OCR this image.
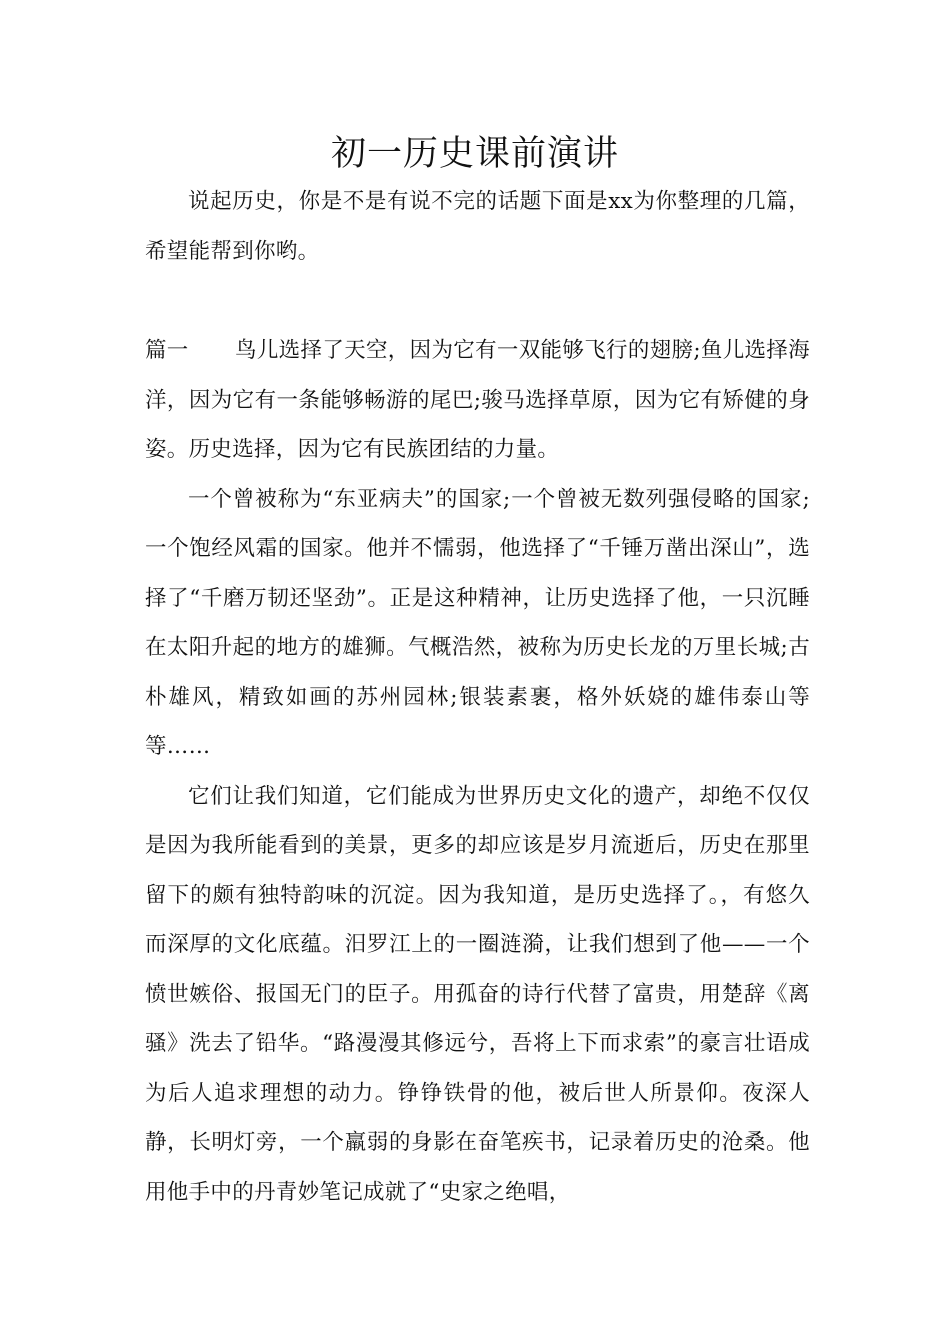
初一历史课前演讲

说起历史，你是不是有说不完的话题下面是xx为你整理的几篇，希望能帮到你哟。

篇一 鸟儿选择了天空，因为它有一双能够飞行的翅膀;鱼儿选择海洋，因为它有一条能够畅游的尾巴;骏马选择草原，因为它有矫健的身姿。历史选择，因为它有民族团结的力量。

一个曾被称为“东亚病夫”的国家;一个曾被无数列强侵略的国家;一个饱经风霜的国家。他并不懦弱，他选择了“千锤万凿出深山”，选择了“千磨万韧还坚劲”。正是这种精神，让历史选择了他，一只沉睡在太阳升起的地方的雄狮。气概浩然，被称为历史长龙的万里长城;古朴雄风，精致如画的苏州园林;银装素裹，格外妖娆的雄伟泰山等等……

它们让我们知道，它们能成为世界历史文化的遗产，却绝不仅仅是因为我所能看到的美景，更多的却应该是岁月流逝后，历史在那里留下的颇有独特韵味的沉淀。因为我知道，是历史选择了。，有悠久而深厚的文化底蕴。汨罗江上的一圈涟漪，让我们想到了他——一个愤世嫉俗、报国无门的臣子。用孤奋的诗行代替了富贵，用楚辞《离骚》洗去了铅华。“路漫漫其修远兮，吾将上下而求索”的豪言壮语成为后人追求理想的动力。铮铮铁骨的他，被后世人所景仰。夜深人静，长明灯旁，一个羸弱的身影在奋笔疾书，记录着历史的沧桑。他用他手中的丹青妙笔记成就了“史家之绝唱，
